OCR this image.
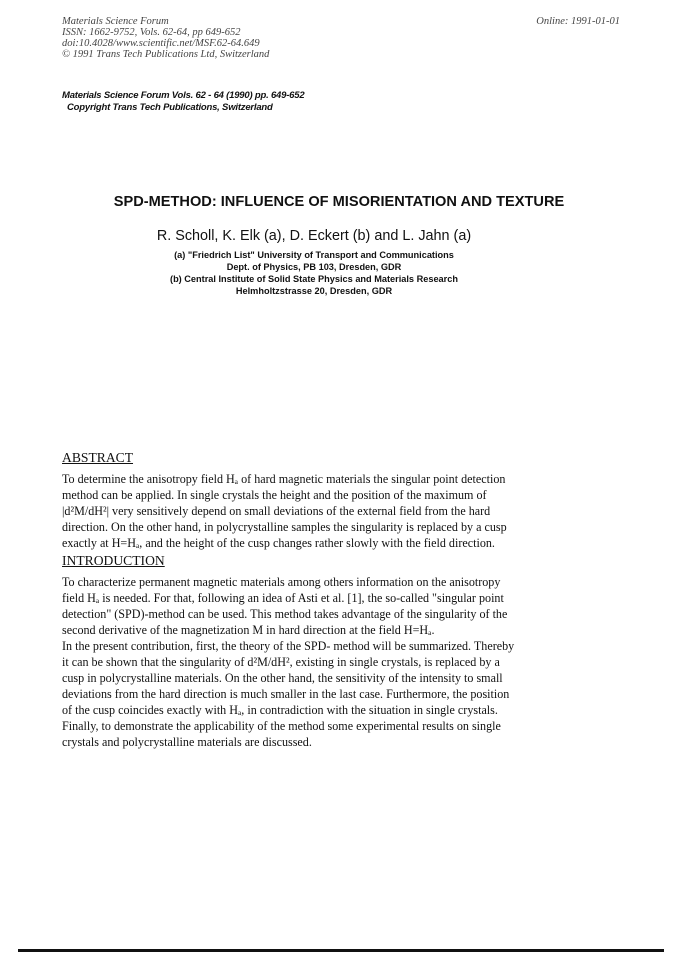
Materials Science Forum
ISSN: 1662-9752, Vols. 62-64, pp 649-652
doi:10.4028/www.scientific.net/MSF.62-64.649
© 1991 Trans Tech Publications Ltd, Switzerland
Online: 1991-01-01
Materials Science Forum Vols. 62 - 64 (1990) pp. 649-652
Copyright Trans Tech Publications, Switzerland
SPD-METHOD: INFLUENCE OF MISORIENTATION AND TEXTURE
R. Scholl, K. Elk (a), D. Eckert (b) and L. Jahn (a)
(a) "Friedrich List" University of Transport and Communications
Dept. of Physics, PB 103, Dresden, GDR
(b) Central Institute of Solid State Physics and Materials Research
Helmholtzstrasse 20, Dresden, GDR
ABSTRACT
To determine the anisotropy field Hₐ of hard magnetic materials the singular point detection
method can be applied. In single crystals the height and the position of the maximum of
|d²M/dH²| very sensitively depend on small deviations of the external field from the hard
direction. On the other hand, in polycrystalline samples the singularity is replaced by a cusp
exactly at H=Hₐ, and the height of the cusp changes rather slowly with the field direction.
INTRODUCTION
To characterize permanent magnetic materials among others information on the anisotropy
field Hₐ is needed. For that, following an idea of Asti et al. [1], the so-called "singular point
detection" (SPD)-method can be used. This method takes advantage of the singularity of the
second derivative of the magnetization M in hard direction at the field H=Hₐ.
In the present contribution, first, the theory of the SPD- method will be summarized. Thereby
it can be shown that the singularity of d²M/dH², existing in single crystals, is replaced by a
cusp in polycrystalline materials. On the other hand, the sensitivity of the intensity to small
deviations from the hard direction is much smaller in the last case. Furthermore, the position
of the cusp coincides exactly with Hₐ, in contradiction with the situation in single crystals.
Finally, to demonstrate the applicability of the method some experimental results on single
crystals and polycrystalline materials are discussed.
